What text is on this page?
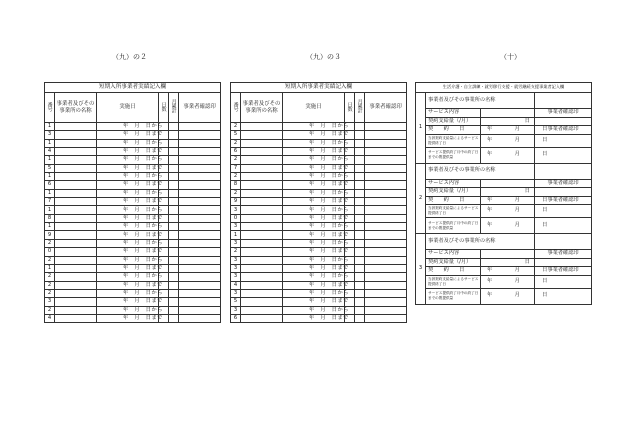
（九）の２	（九）の３	（十）
短期入所事業者実績記入欄					
番号	事業者及びその事業所の名称	実施日	日数	月累計	事業者確認印
1		年　月　日から			
3		年　月　日まで			
1		年　月　日から			
4		年　月　日まで			
1		年　月　日から			
5		年　月　日まで			
1		年　月　日から			
6		年　月　日まで			
1		年　月　日から			
7		年　月　日まで			
1		年　月　日から			
8		年　月　日まで			
1		年　月　日から			
9		年　月　日まで			
2		年　月　日から			
0		年　月　日まで			
2		年　月　日から			
1		年　月　日まで			
2		年　月　日から			
2		年　月　日まで			
2		年　月　日から			
3		年　月　日まで			
2		年　月　日から			
4		年　月　日まで			
短期入所事業者実績記入欄					
番号	事業者及びその事業所の名称	実施日	日数	月累計	事業者確認印
2		年　月　日から			
5		年　月　日まで			
2		年　月　日から			
6		年　月　日まで			
2		年　月　日から			
7		年　月　日まで			
2		年　月　日から			
8		年　月　日まで			
2		年　月　日から			
9		年　月　日まで			
3		年　月　日から			
0		年　月　日まで			
3		年　月　日から			
1		年　月　日まで			
3		年　月　日から			
2		年　月　日まで			
3		年　月　日から			
3		年　月　日まで			
3		年　月　日から			
4		年　月　日まで			
3		年　月　日から			
5		年　月　日まで			
3		年　月　日から			
6		年　月　日まで			
生活介護・自立訓練・就労移行支援・就労継続支援事業者記入欄			
1	事業者及びその事業所の名称		
	サービス内容		事業者確認印
	契約支給量（/月）	日	
	契　　約　　日	年　　月　　日	事業者確認印
	当該契約支給量によるサービス提供終了日	年　　月　　日	
	サービス提供終了月中の終了日までの既提供量	年　　月　　日	
2	事業者及びその事業所の名称		
	サービス内容		事業者確認印
	契約支給量（/月）	日	
	契　　約　　日	年　　月　　日	事業者確認印
	当該契約支給量によるサービス提供終了日	年　　月　　日	
	サービス提供終了月中の終了日までの既提供量	年　　月　　日	
3	事業者及びその事業所の名称		
	サービス内容		事業者確認印
	契約支給量（/月）	日	
	契　　約　　日	年　　月　　日	事業者確認印
	当該契約支給量によるサービス提供終了日	年　　月　　日	
	サービス提供終了月中の終了日までの既提供量	年　　月　　日	
